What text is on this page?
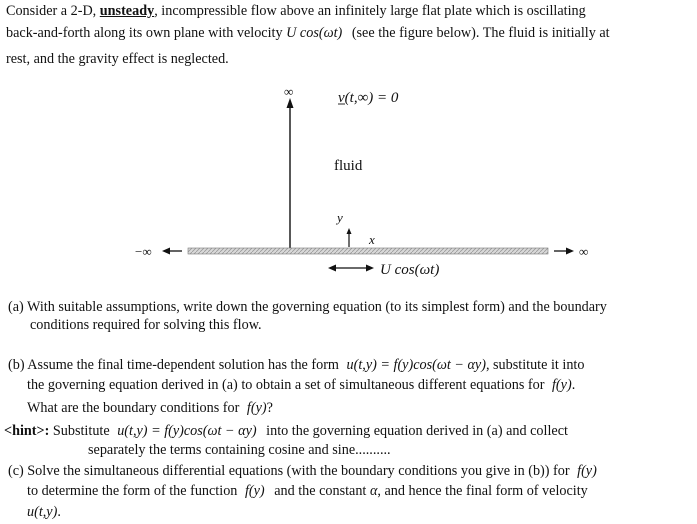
Consider a 2-D, unsteady, incompressible flow above an infinitely large flat plate which is oscillating
back-and-forth along its own plane with velocity U cos(ωt) (see the figure below). The fluid is initially at
rest, and the gravity effect is neglected.
∞	v(t,∞) = 0
fluid
y
x
−∞	∞
U cos(ωt)
(a) With suitable assumptions, write down the governing equation (to its simplest form) and the boundary
conditions required for solving this flow.
(b) Assume the final time-dependent solution has the form u(t,y) = f(y)cos(ωt − αy), substitute it into
the governing equation derived in (a) to obtain a set of simultaneous different equations for f(y).
What are the boundary conditions for f(y)?
<hint>: Substitute u(t,y) = f(y)cos(ωt − αy) into the governing equation derived in (a) and collect
separately the terms containing cosine and sine..........
(c) Solve the simultaneous differential equations (with the boundary conditions you give in (b)) for f(y)
to determine the form of the function f(y) and the constant α, and hence the final form of velocity
u(t,y).
